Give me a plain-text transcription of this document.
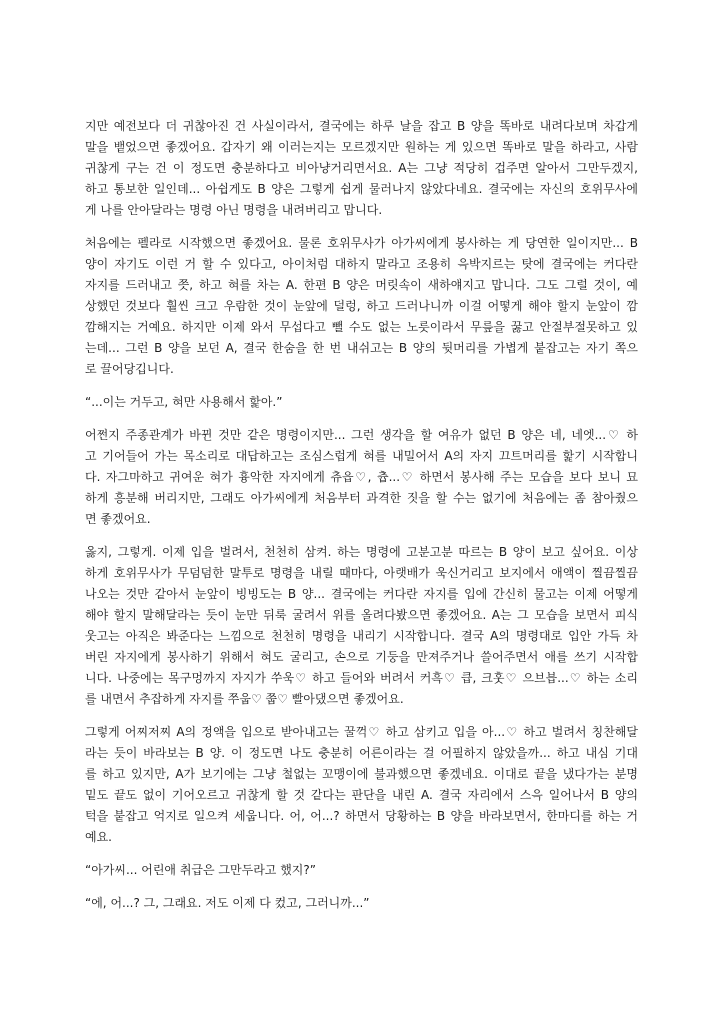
지만 예전보다 더 귀찮아진 건 사실이라서, 결국에는 하루 날을 잡고 B 양을 똑바로 내려다보며 차갑게
말을 뱉었으면 좋겠어요. 갑자기 왜 이러는지는 모르겠지만 원하는 게 있으면 똑바로 말을 하라고, 사람
귀찮게 구는 건 이 정도면 충분하다고 비아냥거리면서요. A는 그냥 적당히 겁주면 알아서 그만두겠지,
하고 통보한 일인데... 아쉽게도 B 양은 그렇게 쉽게 물러나지 않았다네요. 결국에는 자신의 호위무사에
게 나를 안아달라는 명령 아닌 명령을 내려버리고 맙니다.
처음에는 펠라로 시작했으면 좋겠어요. 물론 호위무사가 아가씨에게 봉사하는 게 당연한 일이지만... B
양이 자기도 이런 거 할 수 있다고, 아이처럼 대하지 말라고 조용히 윽박지르는 탓에 결국에는 커다란
자지를 드러내고 쯧, 하고 혀를 차는 A. 한편 B 양은 머릿속이 새하얘지고 맙니다. 그도 그럴 것이, 예
상했던 것보다 훨씬 크고 우람한 것이 눈앞에 덜렁, 하고 드러나니까 이걸 어떻게 해야 할지 눈앞이 깜
깜해지는 거예요. 하지만 이제 와서 무섭다고 뺄 수도 없는 노릇이라서 무릎을 꿇고 안절부절못하고 있
는데... 그런 B 양을 보던 A, 결국 한숨을 한 번 내쉬고는 B 양의 뒷머리를 가볍게 붙잡고는 자기 쪽으
로 끌어당깁니다.
“...이는 거두고, 혀만 사용해서 핥아.”
어쩐지 주종관계가 바뀐 것만 같은 명령이지만... 그런 생각을 할 여유가 없던 B 양은 네, 네엣...♡ 하
고 기어들어 가는 목소리로 대답하고는 조심스럽게 혀를 내밀어서 A의 자지 끄트머리를 핥기 시작합니
다. 자그마하고 귀여운 혀가 흉악한 자지에게 츄읍♡, 츕...♡ 하면서 봉사해 주는 모습을 보다 보니 묘
하게 흥분해 버리지만, 그래도 아가씨에게 처음부터 과격한 짓을 할 수는 없기에 처음에는 좀 참아줬으
면 좋겠어요.
옳지, 그렇게. 이제 입을 벌려서, 천천히 삼켜. 하는 명령에 고분고분 따르는 B 양이 보고 싶어요. 이상
하게 호위무사가 무덤덤한 말투로 명령을 내릴 때마다, 아랫배가 욱신거리고 보지에서 애액이 찔끔찔끔
나오는 것만 같아서 눈앞이 빙빙도는 B 양... 결국에는 커다란 자지를 입에 간신히 물고는 이제 어떻게
해야 할지 말해달라는 듯이 눈만 뒤룩 굴려서 위를 올려다봤으면 좋겠어요. A는 그 모습을 보면서 피식
웃고는 아직은 봐준다는 느낌으로 천천히 명령을 내리기 시작합니다. 결국 A의 명령대로 입안 가득 차
버린 자지에게 봉사하기 위해서 혀도 굴리고, 손으로 기둥을 만져주거나 쓸어주면서 애를 쓰기 시작합
니다. 나중에는 목구멍까지 자지가 쑤욱♡ 하고 들어와 버려서 커흑♡ 큽, 크훗♡ 으브븝...♡ 하는 소리
를 내면서 추잡하게 자지를 쭈웁♡ 쭙♡ 빨아댔으면 좋겠어요.
그렇게 어찌저찌 A의 정액을 입으로 받아내고는 꿀꺽♡ 하고 삼키고 입을 아...♡ 하고 벌려서 칭찬해달
라는 듯이 바라보는 B 양. 이 정도면 나도 충분히 어른이라는 걸 어필하지 않았을까... 하고 내심 기대
를 하고 있지만, A가 보기에는 그냥 철없는 꼬맹이에 불과했으면 좋겠네요. 이대로 끝을 냈다가는 분명
밑도 끝도 없이 기어오르고 귀찮게 할 것 같다는 판단을 내린 A. 결국 자리에서 스윽 일어나서 B 양의
턱을 붙잡고 억지로 일으켜 세웁니다. 어, 어...? 하면서 당황하는 B 양을 바라보면서, 한마디를 하는 거
예요.
“아가씨... 어린애 취급은 그만두라고 했지?”
“에, 어...? 그, 그래요. 저도 이제 다 컸고, 그러니까...”
